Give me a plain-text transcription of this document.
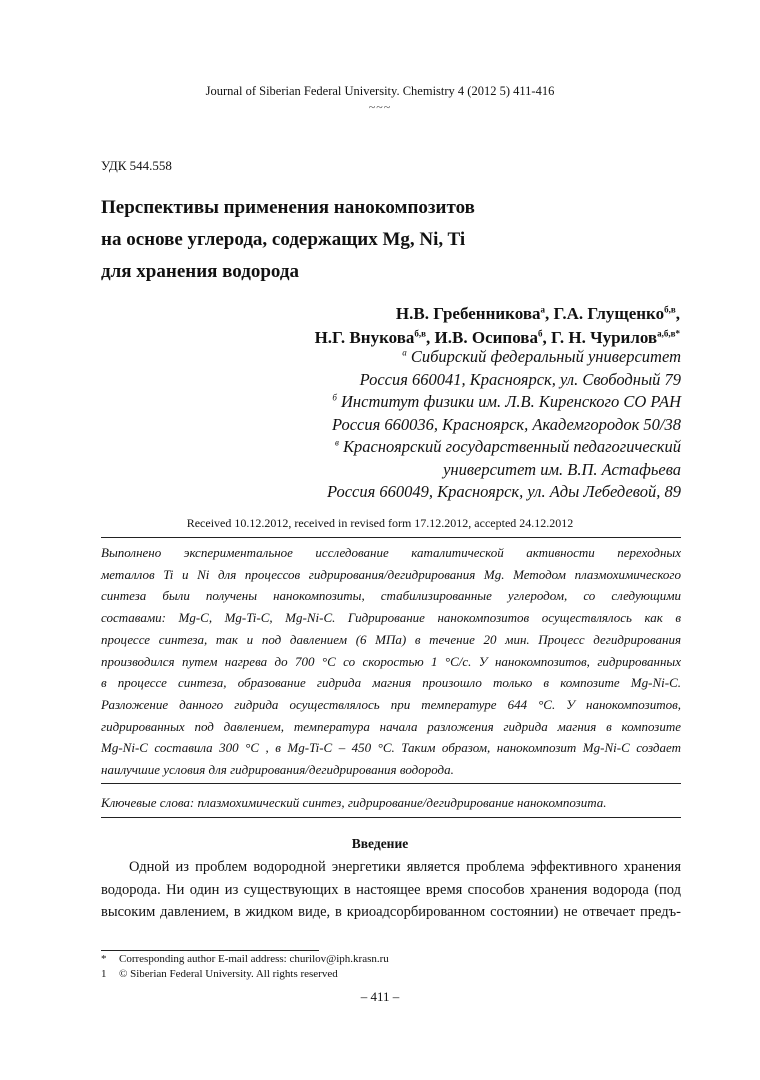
Journal of Siberian Federal University. Chemistry 4 (2012 5) 411-416
~~~
УДК 544.558
Перспективы применения нанокомпозитов
на основе углерода, содержащих Mg, Ni, Ti
для хранения водорода
Н.В. Гребенникова$^а$, Г.А. Глущенко$^{б,в}$,
Н.Г. Внукова$^{б,в}$, И.В. Осипова$^б$, Г. Н. Чурилов$^{а,б,в*}$
$^а$ Сибирский федеральный университет
Россия 660041, Красноярск, ул. Свободный 79
$^б$ Институт физики им. Л.В. Киренского СО РАН
Россия 660036, Красноярск, Академгородок 50/38
$^в$ Красноярский государственный педагогический
университет им. В.П. Астафьева
Россия 660049, Красноярск, ул. Ады Лебедевой, 89
Received 10.12.2012, received in revised form 17.12.2012, accepted 24.12.2012
Выполнено экспериментальное исследование каталитической активности переходных
металлов Ti и Ni для процессов гидрирования/дегидрирования Mg. Методом плазмохимического
синтеза были получены нанокомпозиты, стабилизированные углеродом, со следующими
составами: Mg-C, Mg-Ti-C, Mg-Ni-C. Гидрирование нанокомпозитов осуществлялось как в
процессе синтеза, так и под давлением (6 МПа) в течение 20 мин. Процесс дегидрирования
производился путем нагрева до 700 °С со скоростью 1 °С/с. У нанокомпозитов, гидрированных
в процессе синтеза, образование гидрида магния произошло только в композите Mg-Ni-C.
Разложение данного гидрида осуществлялось при температуре 644 °С. У нанокомпозитов,
гидрированных под давлением, температура начала разложения гидрида магния в композите
Mg-Ni-C составила 300 °С , в Mg-Ti-C – 450 °С. Таким образом, нанокомпозит Mg-Ni-C создает
наилучшие условия для гидрирования/дегидрирования водорода.
Ключевые слова: плазмохимический синтез, гидрирование/дегидрирование нанокомпозита.
Введение
Одной из проблем водородной энергетики является проблема эффективного хранения
водорода. Ни один из существующих в настоящее время способов хранения водорода (под
высоким давлением, в жидком виде, в криоадсорбированном состоянии) не отвечает предъ-
* Corresponding author E-mail address: churilov@iph.krasn.ru
1 © Siberian Federal University. All rights reserved
– 411 –
